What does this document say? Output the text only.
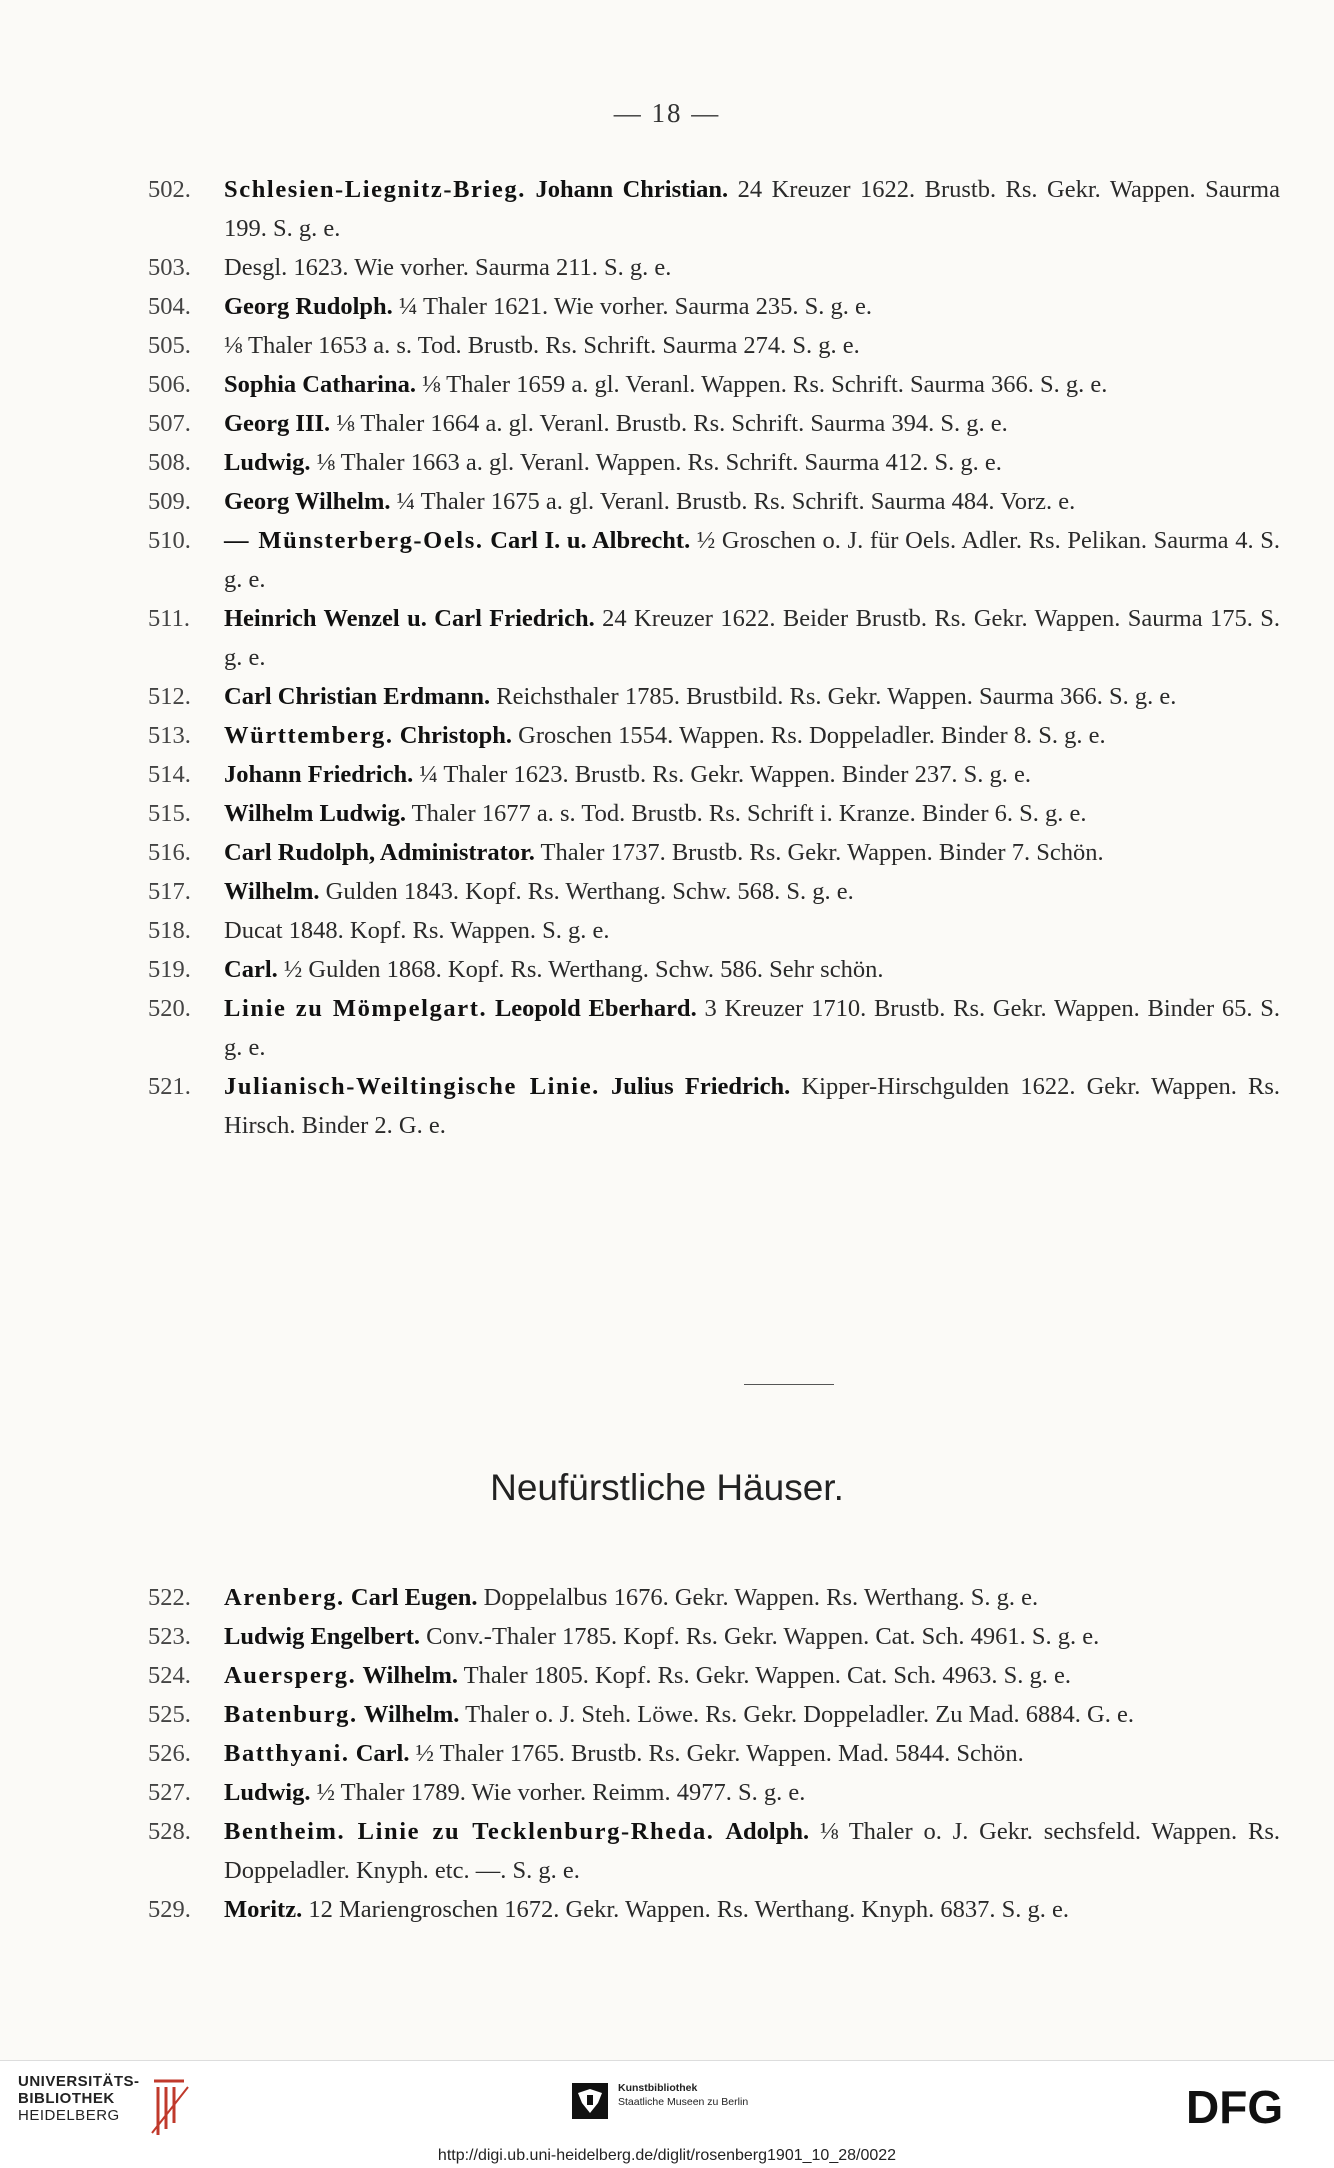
— 18 —
502.	Schlesien-Liegnitz-Brieg. Johann Christian. 24 Kreuzer 1622. Brustb. Rs. Gekr. Wappen. Saurma 199. S. g. e.
503.	Desgl. 1623. Wie vorher. Saurma 211. S. g. e.
504.	Georg Rudolph. ¼ Thaler 1621. Wie vorher. Saurma 235. S. g. e.
505.	⅛ Thaler 1653 a. s. Tod. Brustb. Rs. Schrift. Saurma 274. S. g. e.
506.	Sophia Catharina. ⅛ Thaler 1659 a. gl. Veranl. Wappen. Rs. Schrift. Saurma 366. S. g. e.
507.	Georg III. ⅛ Thaler 1664 a. gl. Veranl. Brustb. Rs. Schrift. Saurma 394. S. g. e.
508.	Ludwig. ⅛ Thaler 1663 a. gl. Veranl. Wappen. Rs. Schrift. Saurma 412. S. g. e.
509.	Georg Wilhelm. ¼ Thaler 1675 a. gl. Veranl. Brustb. Rs. Schrift. Saurma 484. Vorz. e.
510.	— Münsterberg-Oels. Carl I. u. Albrecht. ½ Groschen o. J. für Oels. Adler. Rs. Pelikan. Saurma 4. S. g. e.
511.	Heinrich Wenzel u. Carl Friedrich. 24 Kreuzer 1622. Beider Brustb. Rs. Gekr. Wappen. Saurma 175. S. g. e.
512.	Carl Christian Erdmann. Reichsthaler 1785. Brustbild. Rs. Gekr. Wappen. Saurma 366. S. g. e.
513.	Württemberg. Christoph. Groschen 1554. Wappen. Rs. Doppeladler. Binder 8. S. g. e.
514.	Johann Friedrich. ¼ Thaler 1623. Brustb. Rs. Gekr. Wappen. Binder 237. S. g. e.
515.	Wilhelm Ludwig. Thaler 1677 a. s. Tod. Brustb. Rs. Schrift i. Kranze. Binder 6. S. g. e.
516.	Carl Rudolph, Administrator. Thaler 1737. Brustb. Rs. Gekr. Wappen. Binder 7. Schön.
517.	Wilhelm. Gulden 1843. Kopf. Rs. Werthang. Schw. 568. S. g. e.
518.	Ducat 1848. Kopf. Rs. Wappen. S. g. e.
519.	Carl. ½ Gulden 1868. Kopf. Rs. Werthang. Schw. 586. Sehr schön.
520.	Linie zu Mömpelgart. Leopold Eberhard. 3 Kreuzer 1710. Brustb. Rs. Gekr. Wappen. Binder 65. S. g. e.
521.	Julianisch-Weiltingische Linie. Julius Friedrich. Kipper-Hirschgulden 1622. Gekr. Wappen. Rs. Hirsch. Binder 2. G. e.
Neufürstliche Häuser.
522.	Arenberg. Carl Eugen. Doppelalbus 1676. Gekr. Wappen. Rs. Werthang. S. g. e.
523.	Ludwig Engelbert. Conv.-Thaler 1785. Kopf. Rs. Gekr. Wappen. Cat. Sch. 4961. S. g. e.
524.	Auersperg. Wilhelm. Thaler 1805. Kopf. Rs. Gekr. Wappen. Cat. Sch. 4963. S. g. e.
525.	Batenburg. Wilhelm. Thaler o. J. Steh. Löwe. Rs. Gekr. Doppeladler. Zu Mad. 6884. G. e.
526.	Batthyani. Carl. ½ Thaler 1765. Brustb. Rs. Gekr. Wappen. Mad. 5844. Schön.
527.	Ludwig. ½ Thaler 1789. Wie vorher. Reimm. 4977. S. g. e.
528.	Bentheim. Linie zu Tecklenburg-Rheda. Adolph. ⅛ Thaler o. J. Gekr. sechsfeld. Wappen. Rs. Doppeladler. Knyph. etc. —. S. g. e.
529.	Moritz. 12 Mariengroschen 1672. Gekr. Wappen. Rs. Werthang. Knyph. 6837. S. g. e.
UNIVERSITÄTS-
BIBLIOTHEK
HEIDELBERG
Kunstbibliothek
Staatliche Museen zu Berlin	DFG
http://digi.ub.uni-heidelberg.de/diglit/rosenberg1901_10_28/0022
